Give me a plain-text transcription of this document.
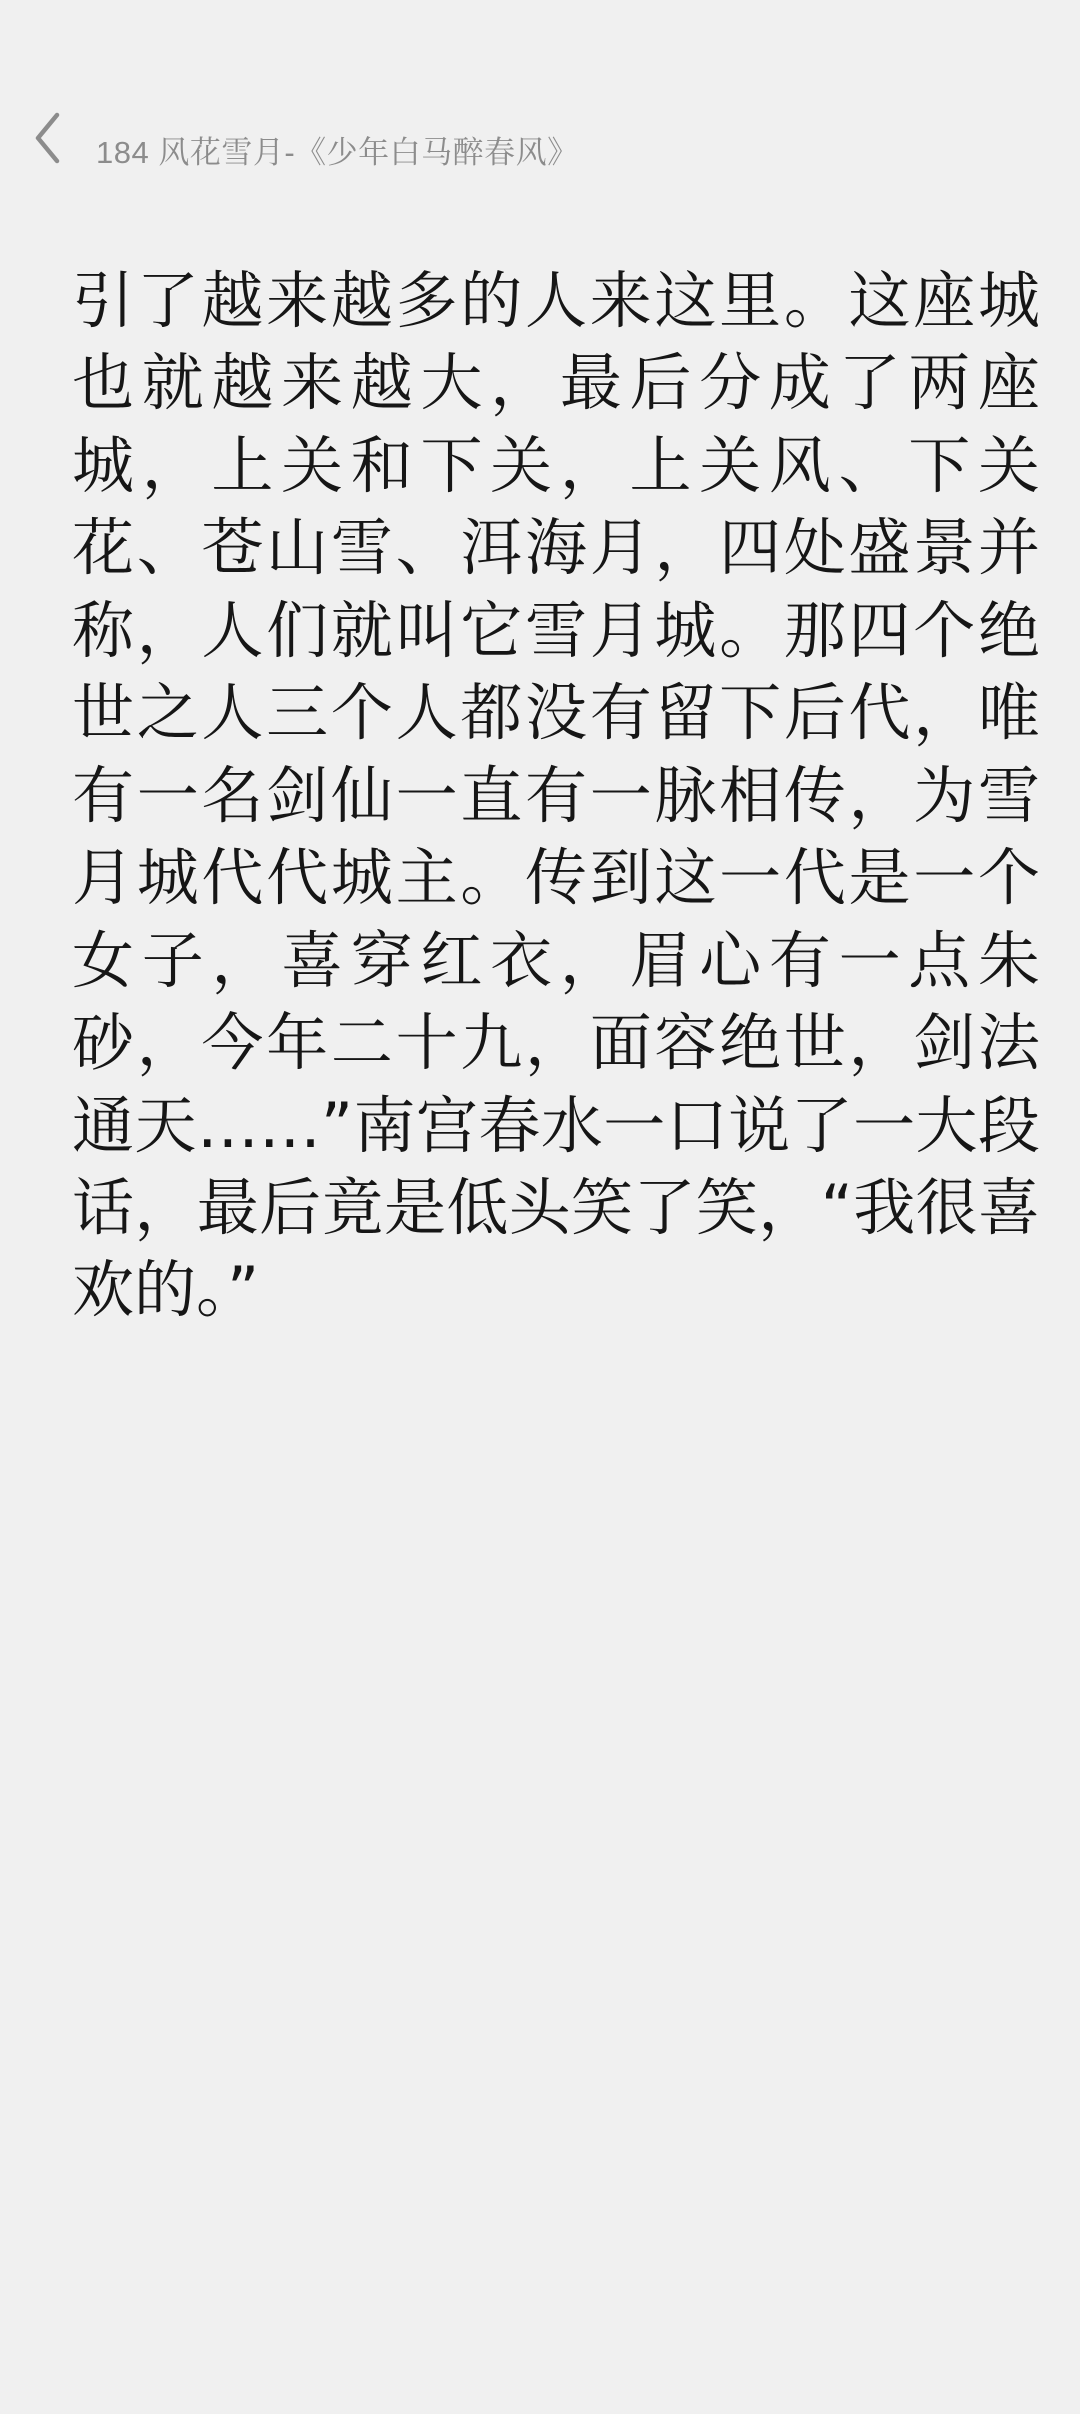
184 风花雪月-《少年白马醉春风》

引了越来越多的人来这里。这座城也就越来越大，最后分成了两座城，上关和下关，上关风、下关花、苍山雪、洱海月，四处盛景并称，人们就叫它雪月城。那四个绝世之人三个人都没有留下后代，唯有一名剑仙一直有一脉相传，为雪月城代代城主。传到这一代是一个女子，喜穿红衣，眉心有一点朱砂，今年二十九，面容绝世，剑法通天……”南宫春水一口说了一大段话，最后竟是低头笑了笑，“我很喜欢的。”
